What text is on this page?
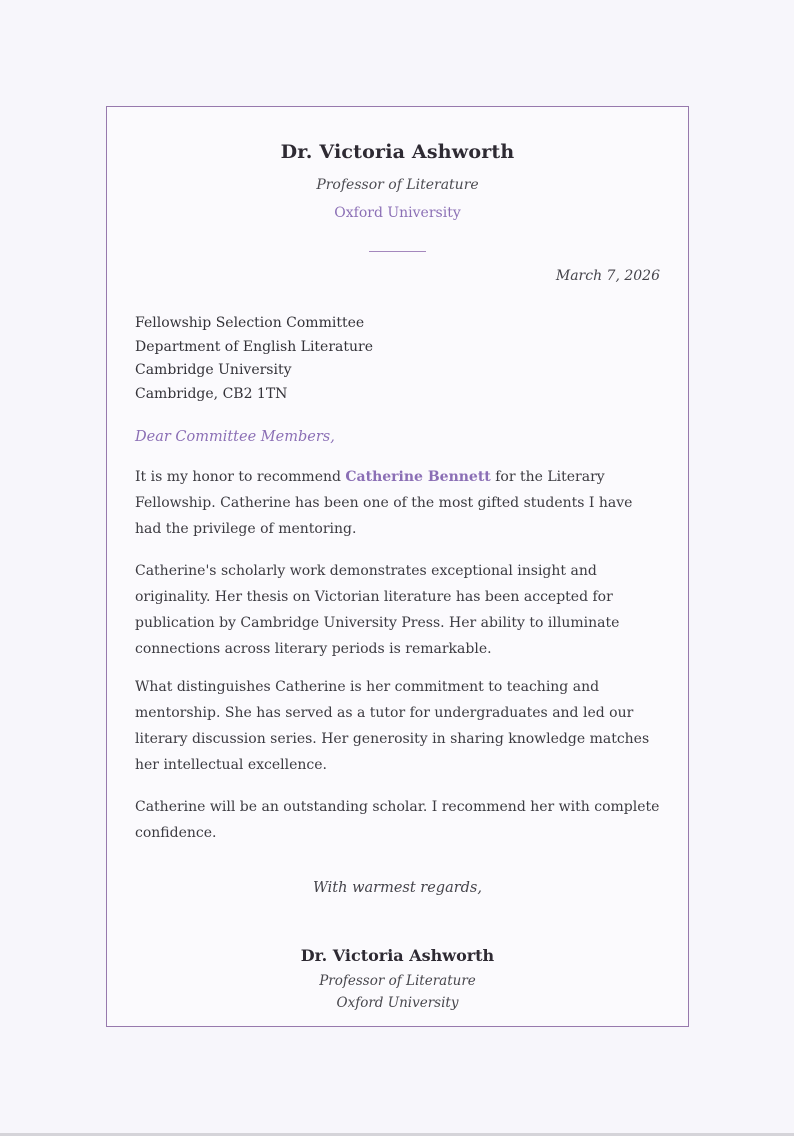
Dr. Victoria Ashworth
Professor of Literature
Oxford University
March 7, 2026
Fellowship Selection Committee
Department of English Literature
Cambridge University
Cambridge, CB2 1TN
Dear Committee Members,

It is my honor to recommend Catherine Bennett for the Literary Fellowship. Catherine has been one of the most gifted students I have had the privilege of mentoring.

Catherine's scholarly work demonstrates exceptional insight and originality. Her thesis on Victorian literature has been accepted for publication by Cambridge University Press. Her ability to illuminate connections across literary periods is remarkable.

What distinguishes Catherine is her commitment to teaching and mentorship. She has served as a tutor for undergraduates and led our literary discussion series. Her generosity in sharing knowledge matches her intellectual excellence.

Catherine will be an outstanding scholar. I recommend her with complete confidence.

With warmest regards,
Dr. Victoria Ashworth
Professor of Literature
Oxford University
